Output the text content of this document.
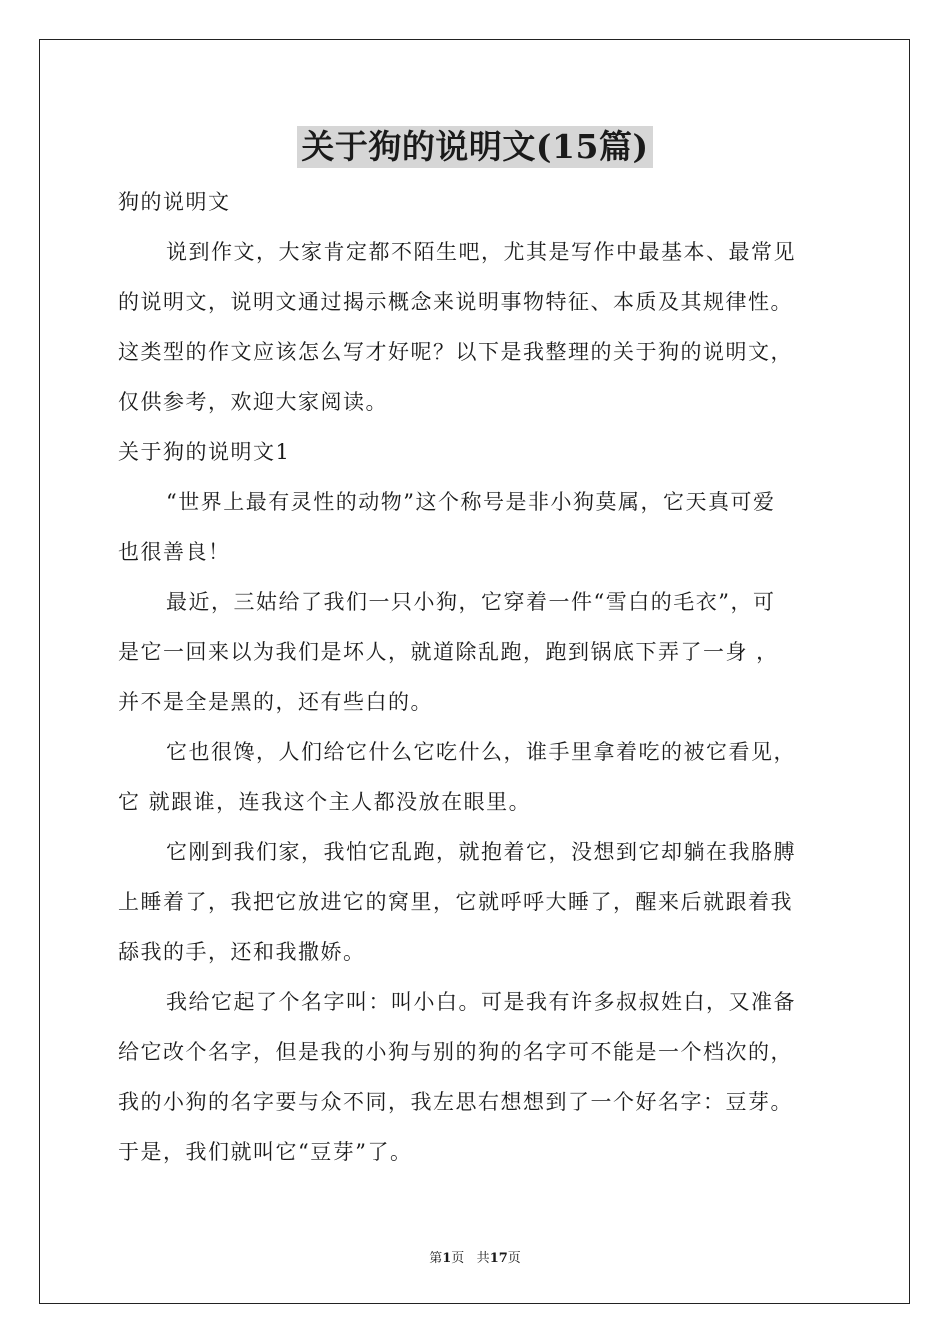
关于狗的说明文(15篇)

狗的说明文

说到作文，大家肯定都不陌生吧，尤其是写作中最基本、最常见

的说明文，说明文通过揭示概念来说明事物特征、本质及其规律性。

这类型的作文应该怎么写才好呢？以下是我整理的关于狗的说明文，

仅供参考，欢迎大家阅读。

关于狗的说明文1

“世界上最有灵性的动物”这个称号是非小狗莫属，它天真可爱

也很善良！

最近，三姑给了我们一只小狗，它穿着一件“雪白的毛衣”，可

是它一回来以为我们是坏人，就道除乱跑，跑到锅底下弄了一身 ，

并不是全是黑的，还有些白的。

它也很馋，人们给它什么它吃什么，谁手里拿着吃的被它看见，

它 就跟谁，连我这个主人都没放在眼里。

它刚到我们家，我怕它乱跑，就抱着它，没想到它却躺在我胳膊

上睡着了，我把它放进它的窝里，它就呼呼大睡了，醒来后就跟着我

舔我的手，还和我撒娇。

我给它起了个名字叫：叫小白。可是我有许多叔叔姓白，又准备

给它改个名字，但是我的小狗与别的狗的名字可不能是一个档次的，

我的小狗的名字要与众不同，我左思右想想到了一个好名字：豆芽。

于是，我们就叫它“豆芽”了。

第1页 共17页
